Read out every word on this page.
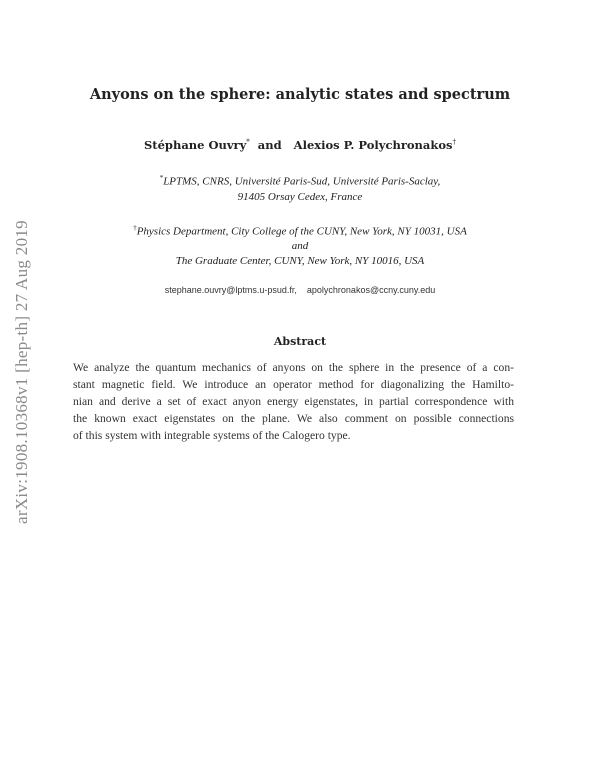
arXiv:1908.10368v1 [hep-th] 27 Aug 2019
Anyons on the sphere: analytic states and spectrum
Stéphane Ouvry* and Alexios P. Polychronakos†
*LPTMS, CNRS, Université Paris-Sud, Université Paris-Saclay,
91405 Orsay Cedex, France
†Physics Department, City College of the CUNY, New York, NY 10031, USA
and
The Graduate Center, CUNY, New York, NY 10016, USA
stephane.ouvry@lptms.u-psud.fr,    apolychronakos@ccny.cuny.edu
Abstract
We analyze the quantum mechanics of anyons on the sphere in the presence of a con-
stant magnetic field. We introduce an operator method for diagonalizing the Hamilto-
nian and derive a set of exact anyon energy eigenstates, in partial correspondence with
the known exact eigenstates on the plane. We also comment on possible connections
of this system with integrable systems of the Calogero type.
